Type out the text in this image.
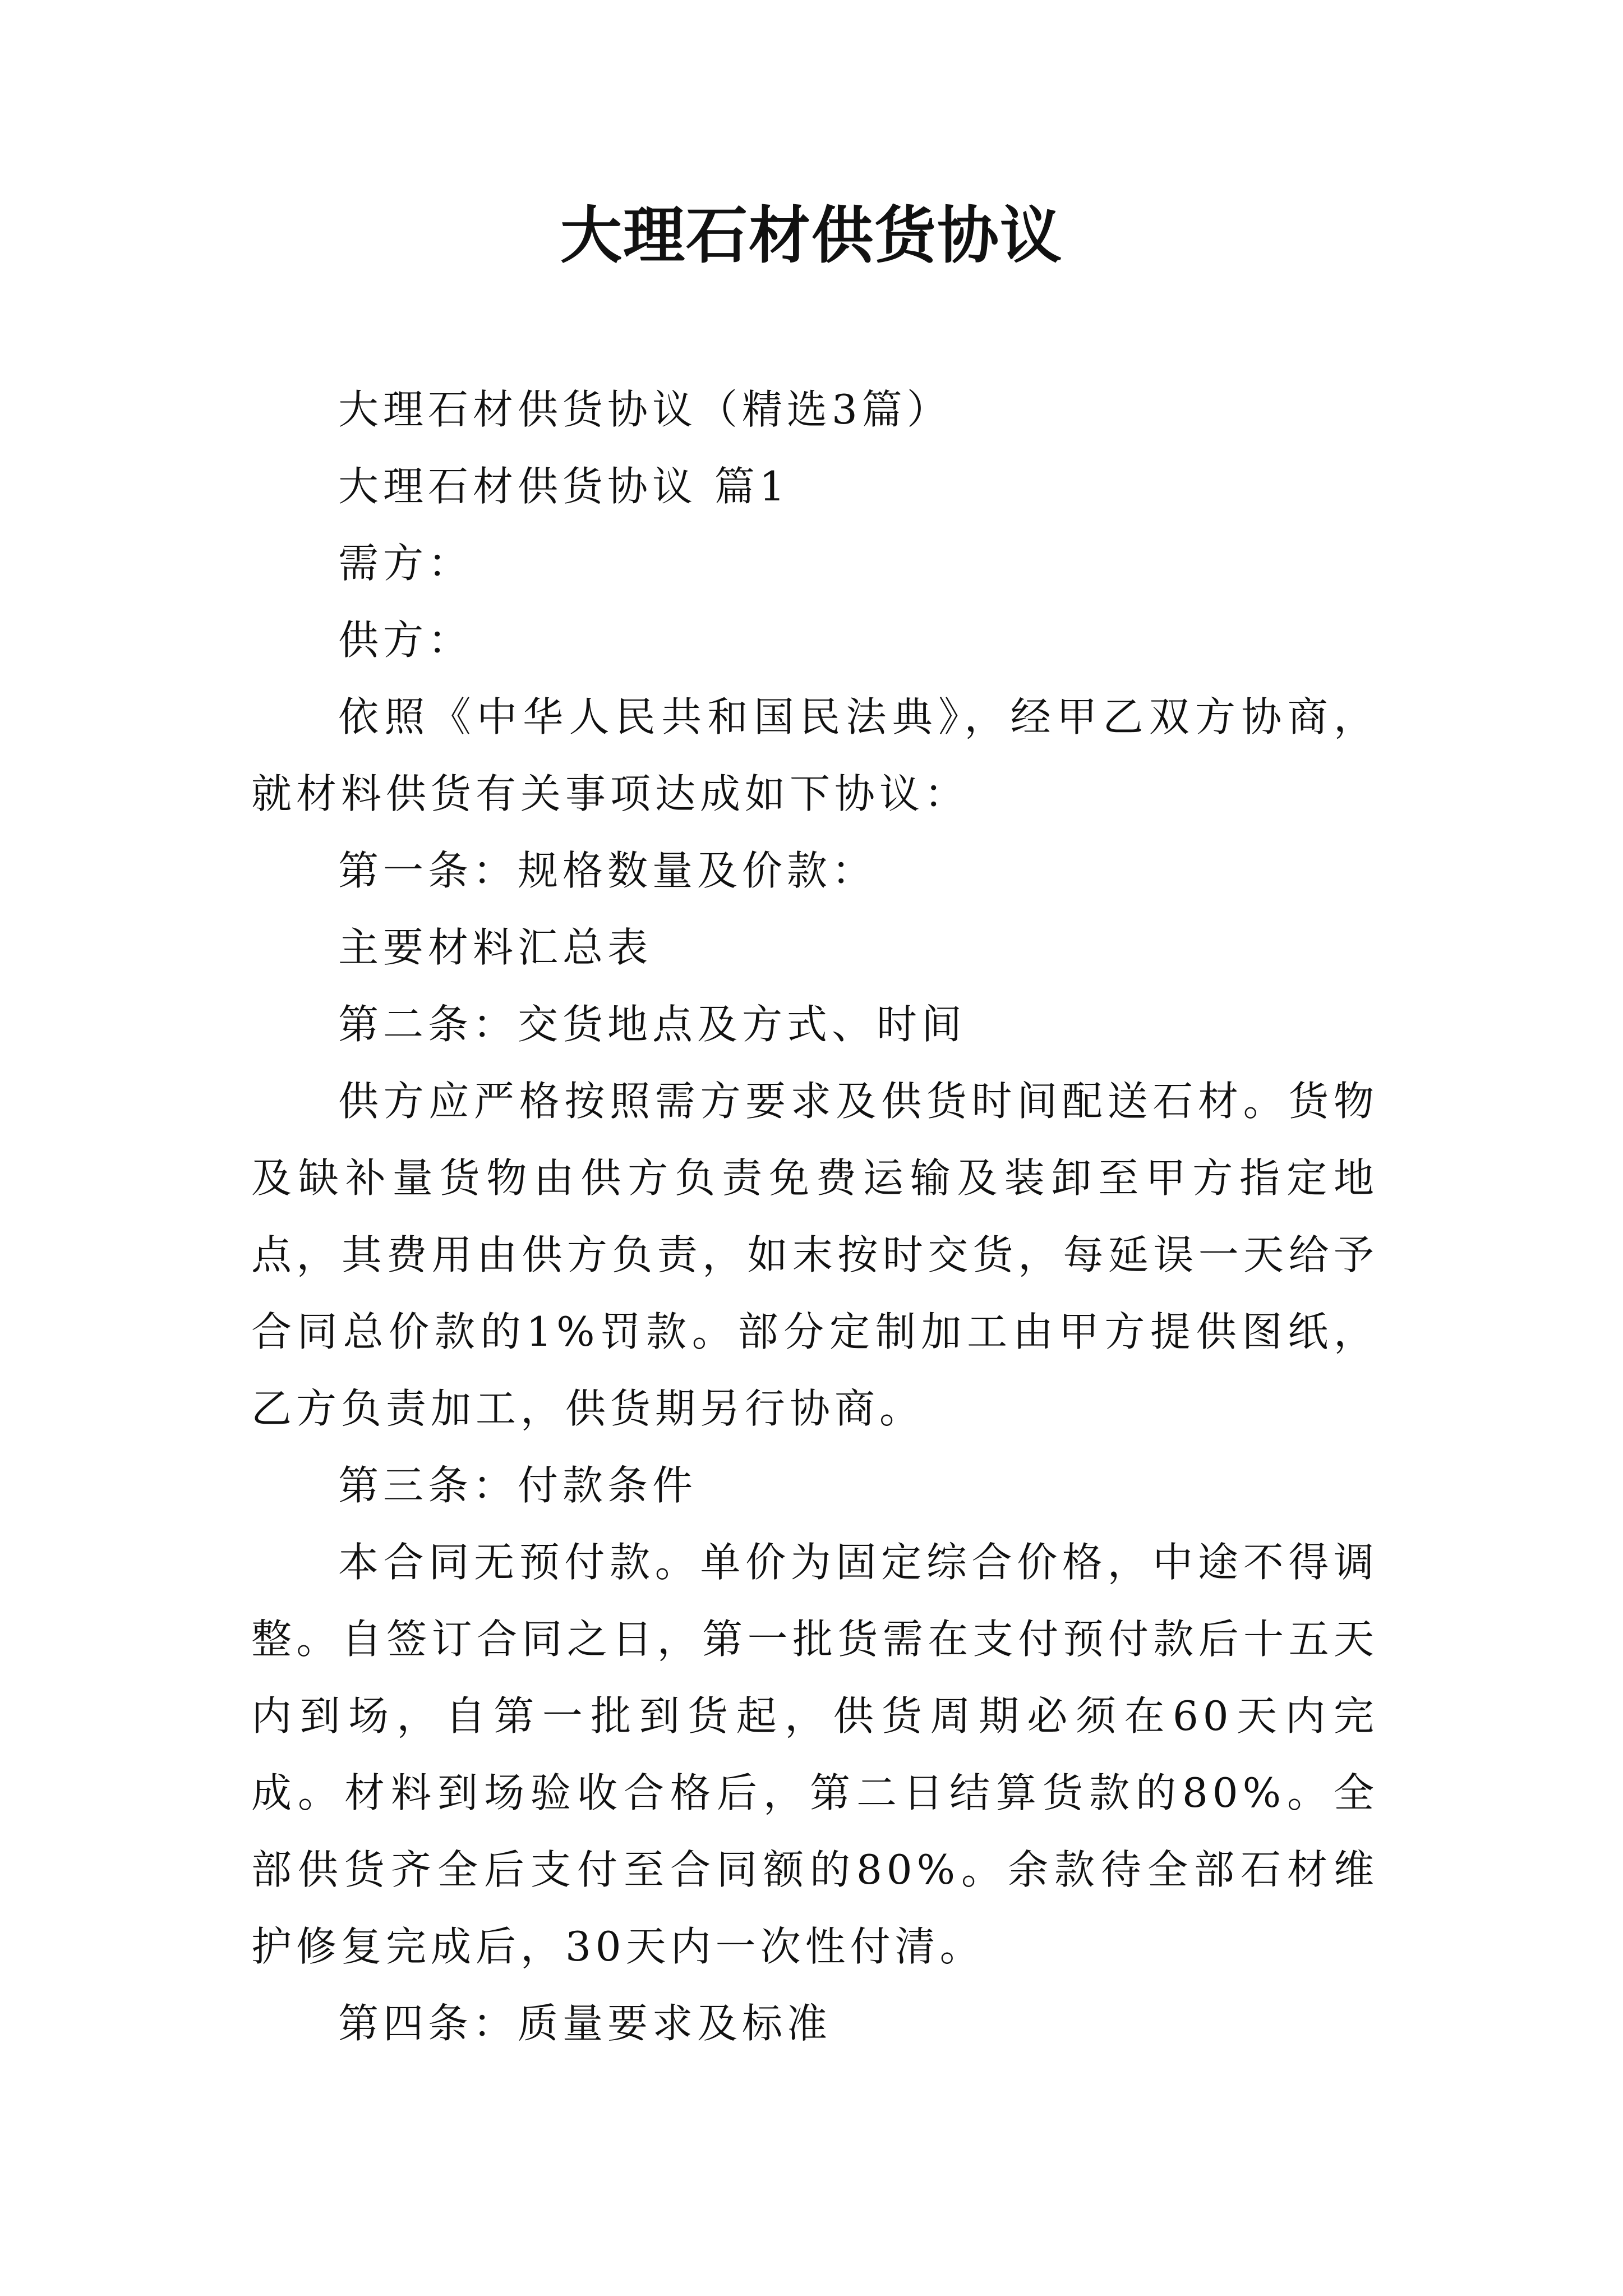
大理石材供货协议

大理石材供货协议（精选3篇）

大理石材供货协议 篇1

需方：

供方：

依照《中华人民共和国民法典》，经甲乙双方协商，就材料供货有关事项达成如下协议：

第一条：规格数量及价款：

主要材料汇总表

第二条：交货地点及方式、时间

供方应严格按照需方要求及供货时间配送石材。货物及缺补量货物由供方负责免费运输及装卸至甲方指定地点，其费用由供方负责，如末按时交货，每延误一天给予合同总价款的1%罚款。部分定制加工由甲方提供图纸，乙方负责加工，供货期另行协商。

第三条：付款条件

本合同无预付款。单价为固定综合价格，中途不得调整。自签订合同之日，第一批货需在支付预付款后十五天内到场，自第一批到货起，供货周期必须在60天内完成。材料到场验收合格后，第二日结算货款的80%。全部供货齐全后支付至合同额的80%。余款待全部石材维护修复完成后，30天内一次性付清。

第四条：质量要求及标准
